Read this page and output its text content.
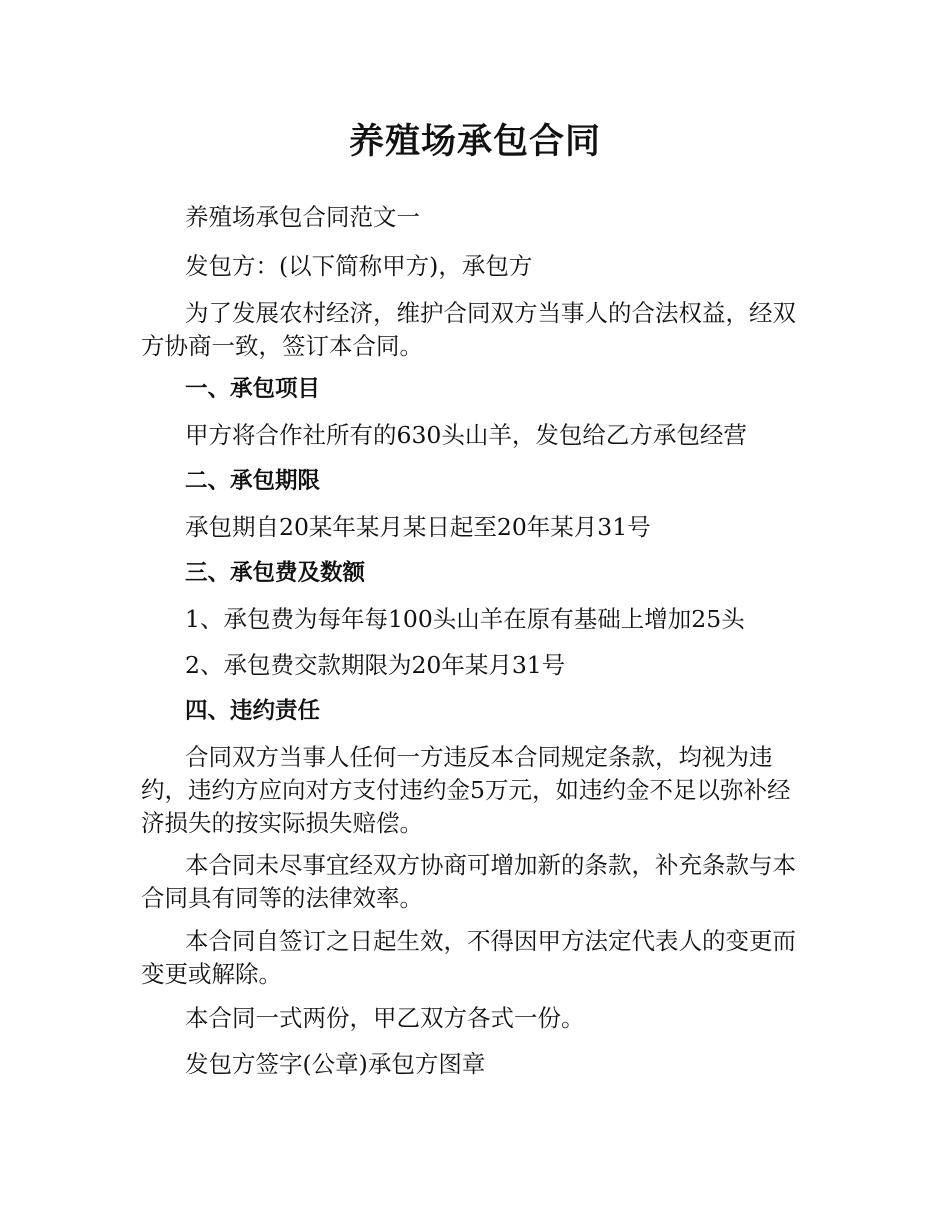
养殖场承包合同

养殖场承包合同范文一

发包方：(以下简称甲方)，承包方

为了发展农村经济，维护合同双方当事人的合法权益，经双方协商一致，签订本合同。

一、承包项目

甲方将合作社所有的630头山羊，发包给乙方承包经营

二、承包期限

承包期自20某年某月某日起至20年某月31号

三、承包费及数额

1、承包费为每年每100头山羊在原有基础上增加25头

2、承包费交款期限为20年某月31号

四、违约责任

合同双方当事人任何一方违反本合同规定条款，均视为违约，违约方应向对方支付违约金5万元，如违约金不足以弥补经济损失的按实际损失赔偿。

本合同未尽事宜经双方协商可增加新的条款，补充条款与本合同具有同等的法律效率。

本合同自签订之日起生效，不得因甲方法定代表人的变更而变更或解除。

本合同一式两份，甲乙双方各式一份。

发包方签字(公章)承包方图章
